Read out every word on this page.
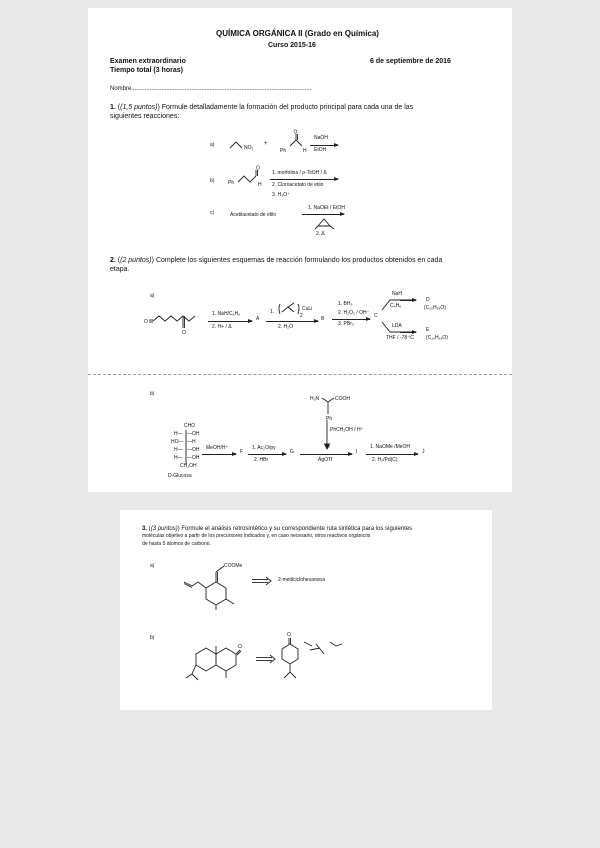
QUÍMICA ORGÁNICA II (Grado en Química)
Curso 2015-16
Examen extraordinario
Tiempo total (3 horas)
6 de septiembre de 2016
Nombre............................................................................................................
1. ((1,5 puntos)) Formule detalladamente la formación del producto principal para cada una de las
siguientes reacciones:
a)	NO₂
+
O
Ph	H
NaOH
EtOH
b)	Ph
O
H
1. morfolina / p-TsOH / Δ
2. Cloroacetato de etilo
3. H₃O⁺
c)	Acetilacetato de etilo
1. NaOEt / EtOH
2. Δ
2. ((2 puntos)) Complete los siguientes esquemas de reacción formulando los productos obtenidos en cada
etapa.
a)
O
O
1. NaH/C₆H₆
2. H+ / Δ
A
1.	CuLi
2
2. H₂O
B
1. BH₃
2. H₂O₂ / OH⁻
3. PBr₃
C
NaH
C₆H₆
D
(C₁₀H₁₈O)
LDA
THF / -78 ºC
E
(C₁₀H₁₈O)
b)
CHO
H— —OH
HO— —H
H— —OH
H— —OH
CH₂OH
D-Glucosa
MeOH/H⁺
→ F
1. Ac₂O/py
2. HBr
G
H₂N	COOH
Ph
PhCH₂OH / H⁺
H
AgOTf
I
1. NaOMe /MeOH
2. H₂/Pd(C)
J
3. ((3 puntos)) Formule el análisis retrosintético y su correspondiente ruta sintética para los siguientes
moléculas objetivo a partir de los precursores indicados y, en caso necesario, otros reactivos orgánicos
de hasta 5 átomos de carbono.
a)	COOMe
2-metilciclohexanona
b)
O
O
